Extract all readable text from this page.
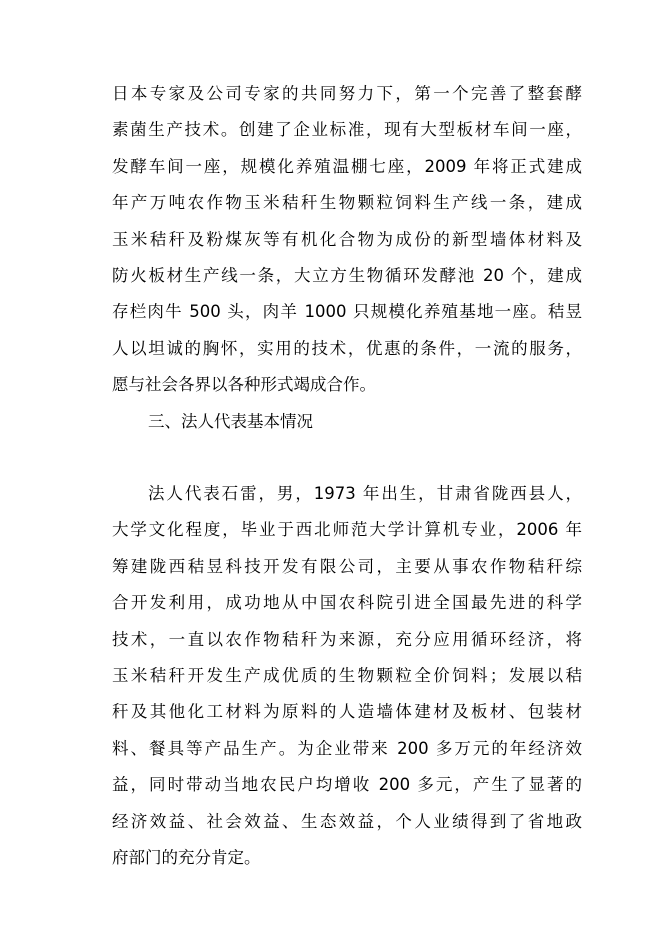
日本专家及公司专家的共同努力下，第一个完善了整套酵
素菌生产技术。创建了企业标准，现有大型板材车间一座，
发酵车间一座，规模化养殖温棚七座，2009 年将正式建成
年产万吨农作物玉米秸秆生物颗粒饲料生产线一条，建成
玉米秸秆及粉煤灰等有机化合物为成份的新型墙体材料及
防火板材生产线一条，大立方生物循环发酵池 20 个，建成
存栏肉牛 500 头，肉羊 1000 只规模化养殖基地一座。秸昱
人以坦诚的胸怀，实用的技术，优惠的条件，一流的服务，
愿与社会各界以各种形式竭成合作。
三、法人代表基本情况
法人代表石雷，男，1973 年出生，甘肃省陇西县人，
大学文化程度，毕业于西北师范大学计算机专业，2006 年
筹建陇西秸昱科技开发有限公司，主要从事农作物秸秆综
合开发利用，成功地从中国农科院引进全国最先进的科学
技术，一直以农作物秸秆为来源，充分应用循环经济，将
玉米秸秆开发生产成优质的生物颗粒全价饲料；发展以秸
秆及其他化工材料为原料的人造墙体建材及板材、包装材
料、餐具等产品生产。为企业带来 200 多万元的年经济效
益，同时带动当地农民户均增收 200 多元，产生了显著的
经济效益、社会效益、生态效益，个人业绩得到了省地政
府部门的充分肯定。
